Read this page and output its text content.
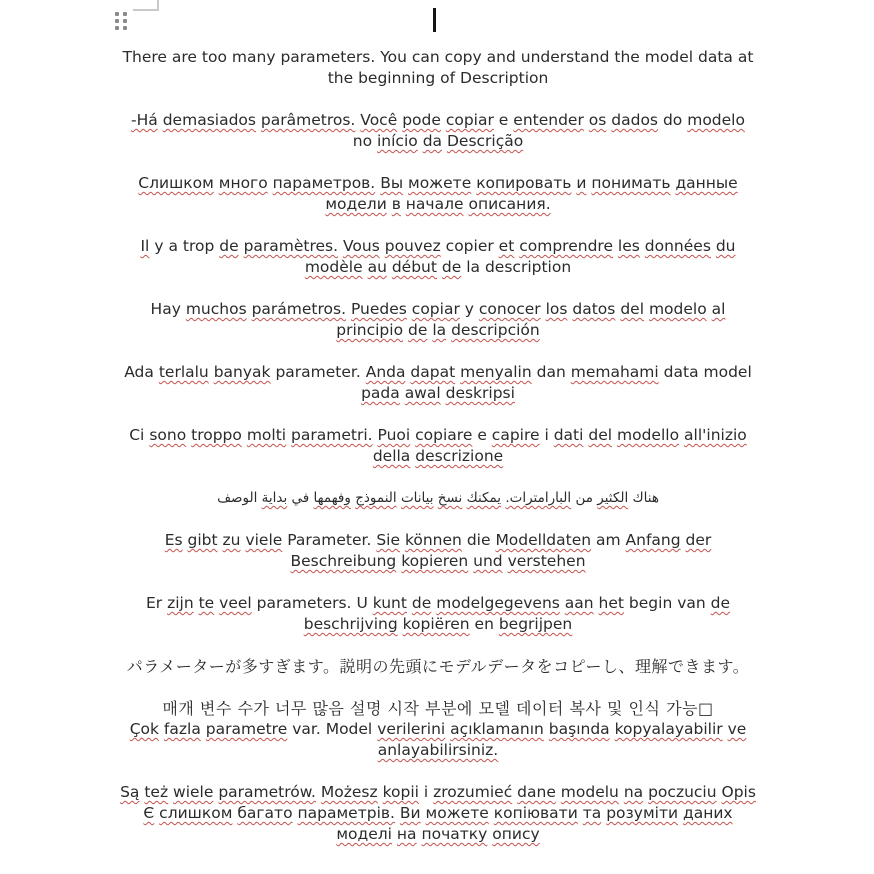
There are too many parameters. You can copy and understand the model data at the beginning of Description

-Há demasiados parâmetros. Você pode copiar e entender os dados do modelo no início da Descrição

Слишком много параметров. Вы можете копировать и понимать данные модели в начале описания.

Il y a trop de paramètres. Vous pouvez copier et comprendre les données du modèle au début de la description

Hay muchos parámetros. Puedes copiar y conocer los datos del modelo al principio de la descripción

Ada terlalu banyak parameter. Anda dapat menyalin dan memahami data model pada awal deskripsi

Ci sono troppo molti parametri. Puoi copiare e capire i dati del modello all'inizio della descrizione

هناك الكثير من البارامترات. يمكنك نسخ بيانات النموذج وفهمها في بداية الوصف

Es gibt zu viele Parameter. Sie können die Modelldaten am Anfang der Beschreibung kopieren und verstehen

Er zijn te veel parameters. U kunt de modelgegevens aan het begin van de beschrijving kopiëren en begrijpen

パラメーターが多すぎます。説明の先頭にモデルデータをコピーし、理解できます。

매개 변수 수가 너무 많음 설명 시작 부분에 모델 데이터 복사 및 인식 가능□

Çok fazla parametre var. Model verilerini açıklamanın başında kopyalayabilir ve anlayabilirsiniz.

Są też wiele parametrów. Możesz kopii i zrozumieć dane modelu na poczuciu Opis

Є слишком багато параметрів. Ви можете копіювати та розуміти даних моделі на початку опису
